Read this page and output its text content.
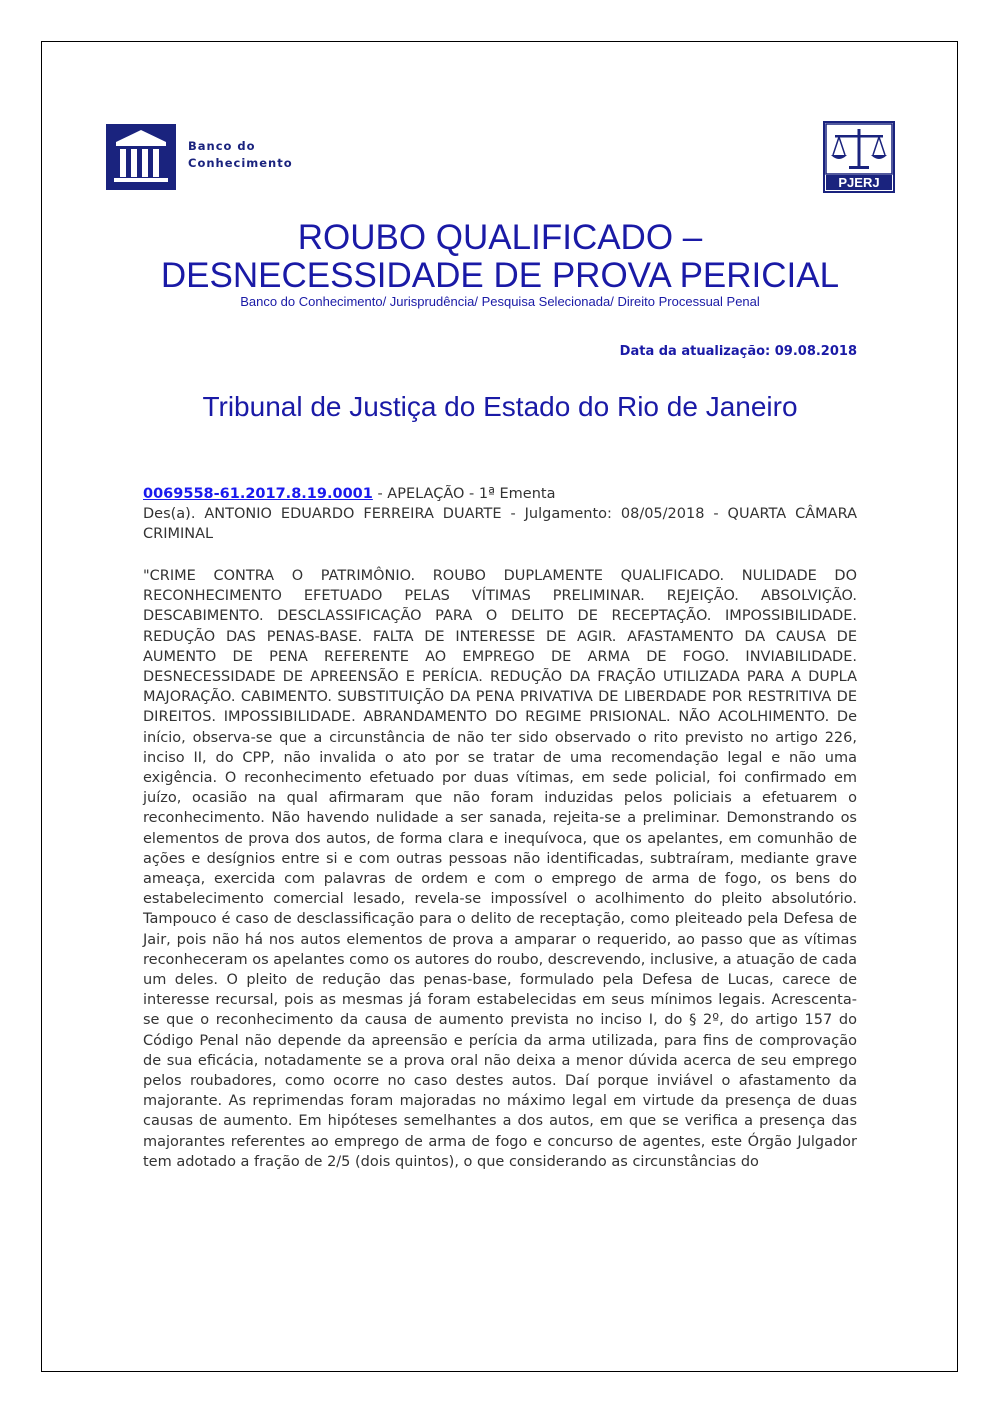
Banco do
Conhecimento
PJERJ
ROUBO QUALIFICADO –
DESNECESSIDADE DE PROVA PERICIAL
Banco do Conhecimento/ Jurisprudência/ Pesquisa Selecionada/ Direito Processual Penal
Data da atualização: 09.08.2018
Tribunal de Justiça do Estado do Rio de Janeiro
0069558-61.2017.8.19.0001 - APELAÇÃO - 1ª Ementa

Des(a). ANTONIO EDUARDO FERREIRA DUARTE - Julgamento: 08/05/2018 - QUARTA CÂMARA CRIMINAL

"CRIME CONTRA O PATRIMÔNIO. ROUBO DUPLAMENTE QUALIFICADO. NULIDADE DO RECONHECIMENTO EFETUADO PELAS VÍTIMAS PRELIMINAR. REJEIÇÃO. ABSOLVIÇÃO. DESCABIMENTO. DESCLASSIFICAÇÃO PARA O DELITO DE RECEPTAÇÃO. IMPOSSIBILIDADE. REDUÇÃO DAS PENAS-BASE. FALTA DE INTERESSE DE AGIR. AFASTAMENTO DA CAUSA DE AUMENTO DE PENA REFERENTE AO EMPREGO DE ARMA DE FOGO. INVIABILIDADE. DESNECESSIDADE DE APREENSÃO E PERÍCIA. REDUÇÃO DA FRAÇÃO UTILIZADA PARA A DUPLA MAJORAÇÃO. CABIMENTO. SUBSTITUIÇÃO DA PENA PRIVATIVA DE LIBERDADE POR RESTRITIVA DE DIREITOS. IMPOSSIBILIDADE. ABRANDAMENTO DO REGIME PRISIONAL. NÃO ACOLHIMENTO. De início, observa-se que a circunstância de não ter sido observado o rito previsto no artigo 226, inciso II, do CPP, não invalida o ato por se tratar de uma recomendação legal e não uma exigência. O reconhecimento efetuado por duas vítimas, em sede policial, foi confirmado em juízo, ocasião na qual afirmaram que não foram induzidas pelos policiais a efetuarem o reconhecimento. Não havendo nulidade a ser sanada, rejeita-se a preliminar. Demonstrando os elementos de prova dos autos, de forma clara e inequívoca, que os apelantes, em comunhão de ações e desígnios entre si e com outras pessoas não identificadas, subtraíram, mediante grave ameaça, exercida com palavras de ordem e com o emprego de arma de fogo, os bens do estabelecimento comercial lesado, revela-se impossível o acolhimento do pleito absolutório. Tampouco é caso de desclassificação para o delito de receptação, como pleiteado pela Defesa de Jair, pois não há nos autos elementos de prova a amparar o requerido, ao passo que as vítimas reconheceram os apelantes como os autores do roubo, descrevendo, inclusive, a atuação de cada um deles. O pleito de redução das penas-base, formulado pela Defesa de Lucas, carece de interesse recursal, pois as mesmas já foram estabelecidas em seus mínimos legais. Acrescenta-se que o reconhecimento da causa de aumento prevista no inciso I, do § 2º, do artigo 157 do Código Penal não depende da apreensão e perícia da arma utilizada, para fins de comprovação de sua eficácia, notadamente se a prova oral não deixa a menor dúvida acerca de seu emprego pelos roubadores, como ocorre no caso destes autos. Daí porque inviável o afastamento da majorante. As reprimendas foram majoradas no máximo legal em virtude da presença de duas causas de aumento. Em hipóteses semelhantes a dos autos, em que se verifica a presença das majorantes referentes ao emprego de arma de fogo e concurso de agentes, este Órgão Julgador tem adotado a fração de 2/5 (dois quintos), o que considerando as circunstâncias do
